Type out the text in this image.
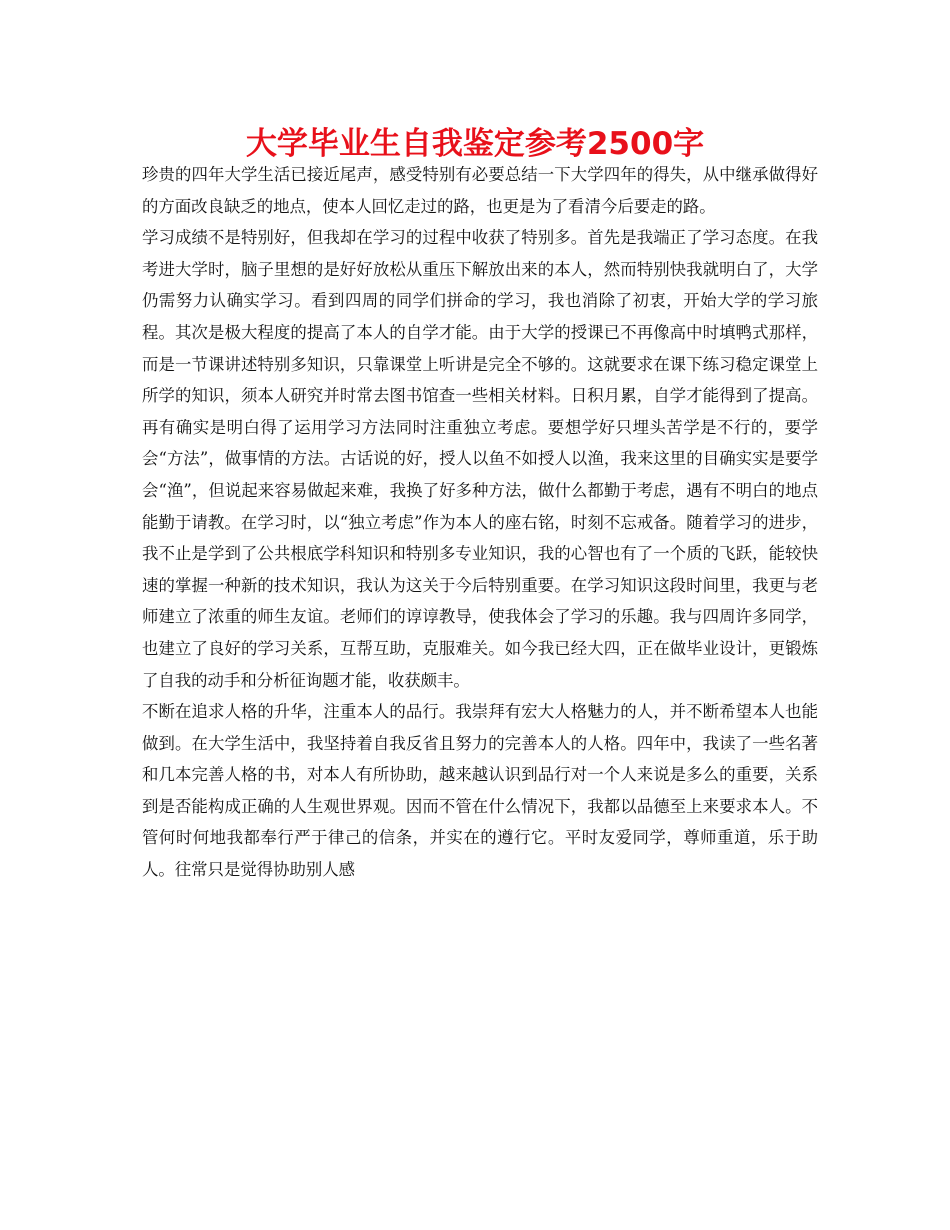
大学毕业生自我鉴定参考2500字

珍贵的四年大学生活已接近尾声，感受特别有必要总结一下大学四年的得失，从中继承做得好的方面改良缺乏的地点，使本人回忆走过的路，也更是为了看清今后要走的路。

学习成绩不是特别好，但我却在学习的过程中收获了特别多。首先是我端正了学习态度。在我考进大学时，脑子里想的是好好放松从重压下解放出来的本人，然而特别快我就明白了，大学仍需努力认确实学习。看到四周的同学们拼命的学习，我也消除了初衷，开始大学的学习旅程。其次是极大程度的提高了本人的自学才能。由于大学的授课已不再像高中时填鸭式那样，而是一节课讲述特别多知识，只靠课堂上听讲是完全不够的。这就要求在课下练习稳定课堂上所学的知识，须本人研究并时常去图书馆查一些相关材料。日积月累，自学才能得到了提高。再有确实是明白得了运用学习方法同时注重独立考虑。要想学好只埋头苦学是不行的，要学会“方法”，做事情的方法。古话说的好，授人以鱼不如授人以渔，我来这里的目确实实是要学会“渔”，但说起来容易做起来难，我换了好多种方法，做什么都勤于考虑，遇有不明白的地点能勤于请教。在学习时，以“独立考虑”作为本人的座右铭，时刻不忘戒备。随着学习的进步，我不止是学到了公共根底学科知识和特别多专业知识，我的心智也有了一个质的飞跃，能较快速的掌握一种新的技术知识，我认为这关于今后特别重要。在学习知识这段时间里，我更与老师建立了浓重的师生友谊。老师们的谆谆教导，使我体会了学习的乐趣。我与四周许多同学，也建立了良好的学习关系，互帮互助，克服难关。如今我已经大四，正在做毕业设计，更锻炼了自我的动手和分析征询题才能，收获颇丰。

不断在追求人格的升华，注重本人的品行。我崇拜有宏大人格魅力的人，并不断希望本人也能做到。在大学生活中，我坚持着自我反省且努力的完善本人的人格。四年中，我读了一些名著和几本完善人格的书，对本人有所协助，越来越认识到品行对一个人来说是多么的重要，关系到是否能构成正确的人生观世界观。因而不管在什么情况下，我都以品德至上来要求本人。不管何时何地我都奉行严于律己的信条，并实在的遵行它。平时友爱同学，尊师重道，乐于助人。往常只是觉得协助别人感
